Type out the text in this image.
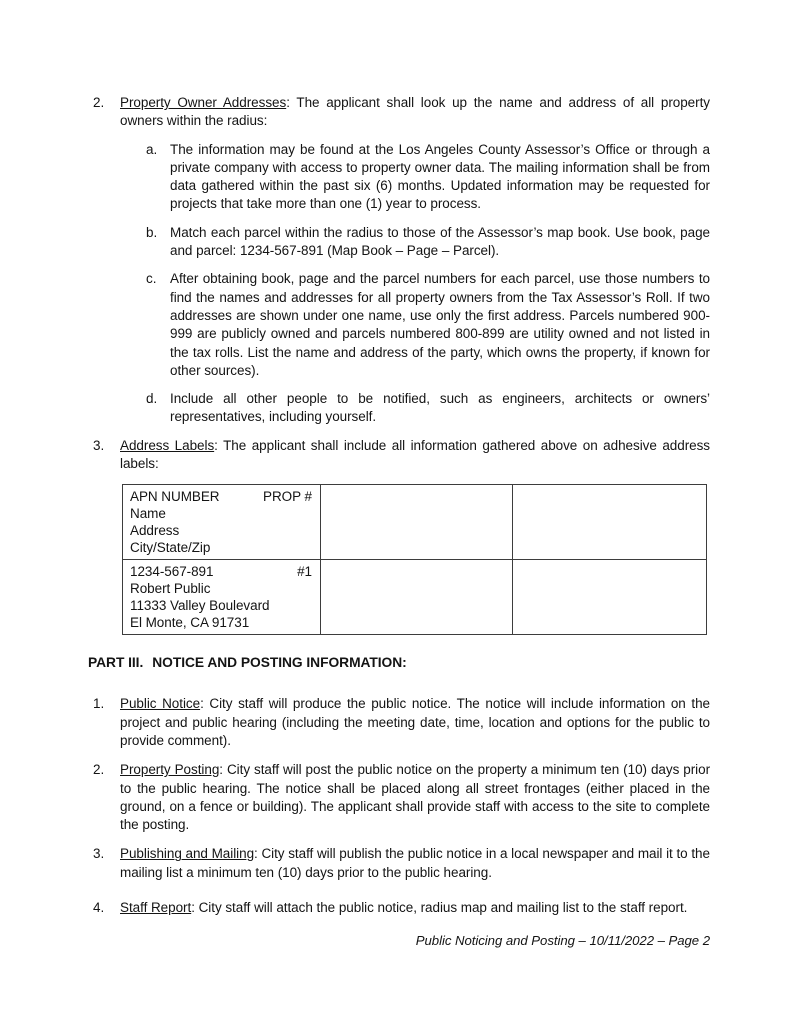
2. Property Owner Addresses: The applicant shall look up the name and address of all property owners within the radius:
a. The information may be found at the Los Angeles County Assessor’s Office or through a private company with access to property owner data. The mailing information shall be from data gathered within the past six (6) months. Updated information may be requested for projects that take more than one (1) year to process.
b. Match each parcel within the radius to those of the Assessor’s map book. Use book, page and parcel: 1234-567-891 (Map Book – Page – Parcel).
c. After obtaining book, page and the parcel numbers for each parcel, use those numbers to find the names and addresses for all property owners from the Tax Assessor’s Roll. If two addresses are shown under one name, use only the first address. Parcels numbered 900-999 are publicly owned and parcels numbered 800-899 are utility owned and not listed in the tax rolls. List the name and address of the party, which owns the property, if known for other sources).
d. Include all other people to be notified, such as engineers, architects or owners’ representatives, including yourself.
3. Address Labels: The applicant shall include all information gathered above on adhesive address labels:
APN NUMBER PROP #
Name
Address
City/State/Zip		

1234-567-891 #1
Robert Public
11333 Valley Boulevard
El Monte, CA 91731		

PART III. NOTICE AND POSTING INFORMATION:
1. Public Notice: City staff will produce the public notice. The notice will include information on the project and public hearing (including the meeting date, time, location and options for the public to provide comment).
2. Property Posting: City staff will post the public notice on the property a minimum ten (10) days prior to the public hearing. The notice shall be placed along all street frontages (either placed in the ground, on a fence or building). The applicant shall provide staff with access to the site to complete the posting.
3. Publishing and Mailing: City staff will publish the public notice in a local newspaper and mail it to the mailing list a minimum ten (10) days prior to the public hearing.
4. Staff Report: City staff will attach the public notice, radius map and mailing list to the staff report.
Public Noticing and Posting – 10/11/2022 – Page 2
